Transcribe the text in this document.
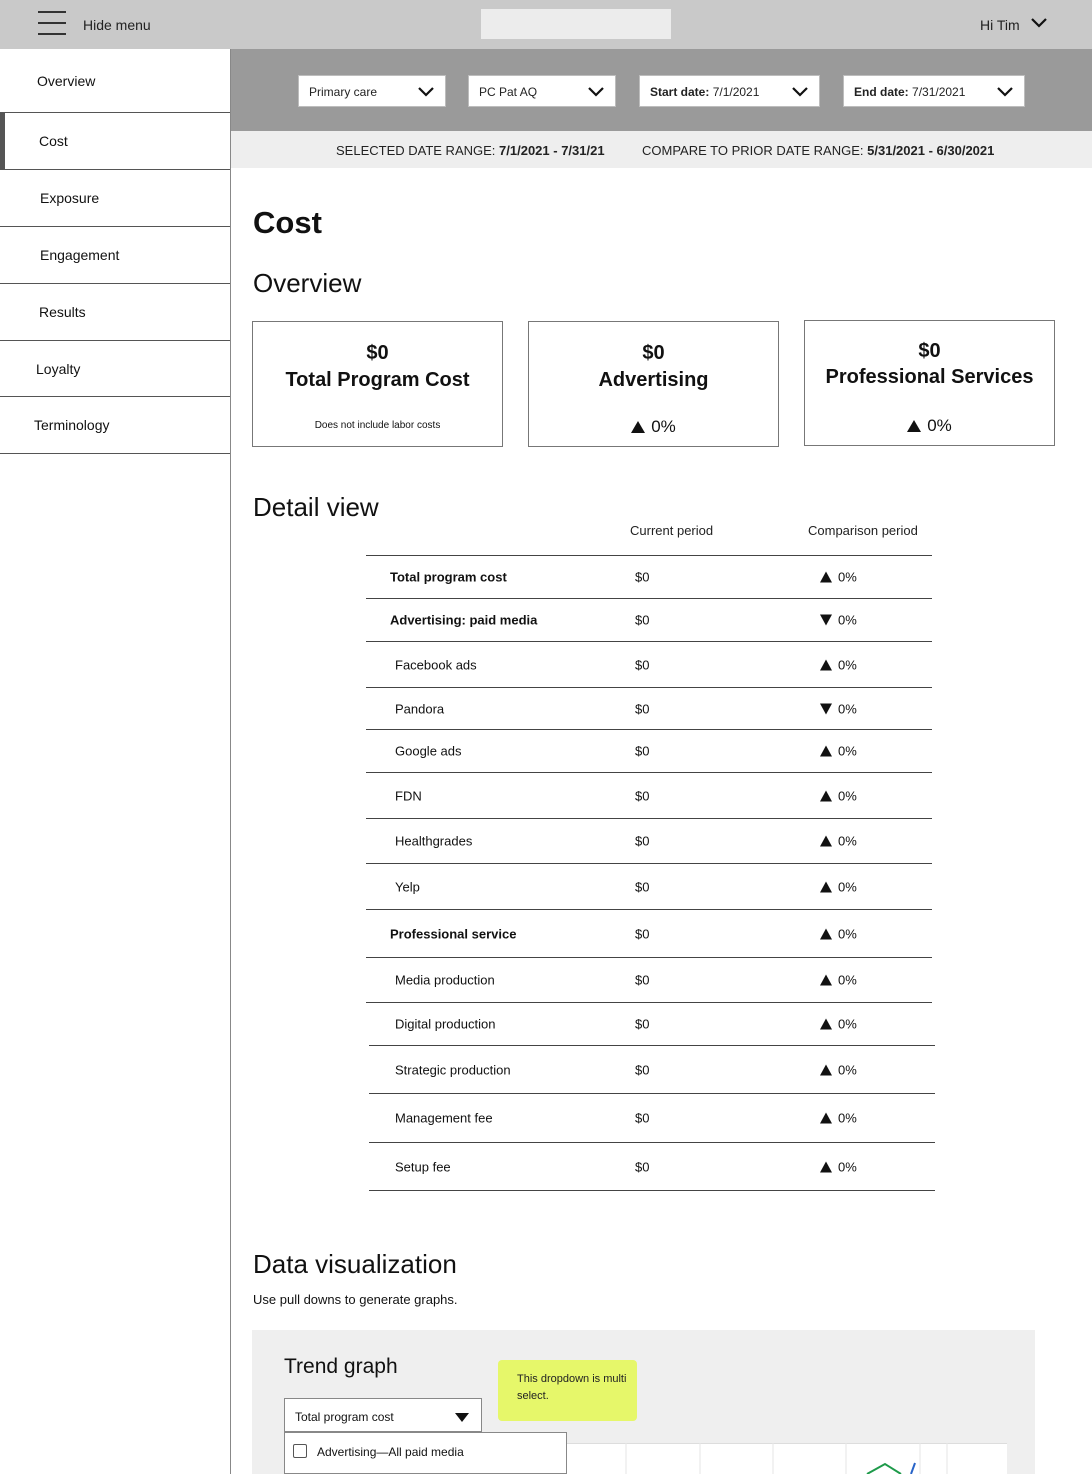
Hide menu	Hi Tim
Overview
Cost
Exposure
Engagement
Results
Loyalty
Terminology
Primary care	PC Pat AQ	Start date: 7/1/2021	End date: 7/31/2021
SELECTED DATE RANGE: 7/1/2021 - 7/31/21	COMPARE TO PRIOR DATE RANGE: 5/31/2021 - 6/30/2021
Cost
Overview
$0
Total Program Cost
Does not include labor costs
$0
Advertising
0%
$0
Professional Services
0%
Detail view
Current period	Comparison period
Total program cost	$0	0%
Advertising: paid media	$0	0%
Facebook ads	$0	0%
Pandora	$0	0%
Google ads	$0	0%
FDN	$0	0%
Healthgrades	$0	0%
Yelp	$0	0%
Professional service	$0	0%
Media production	$0	0%
Digital production	$0	0%
Strategic production	$0	0%
Management fee	$0	0%
Setup fee	$0	0%
Data visualization
Use pull downs to generate graphs.
Trend graph
This dropdown is multi select.
Total program cost
Advertising—All paid media
